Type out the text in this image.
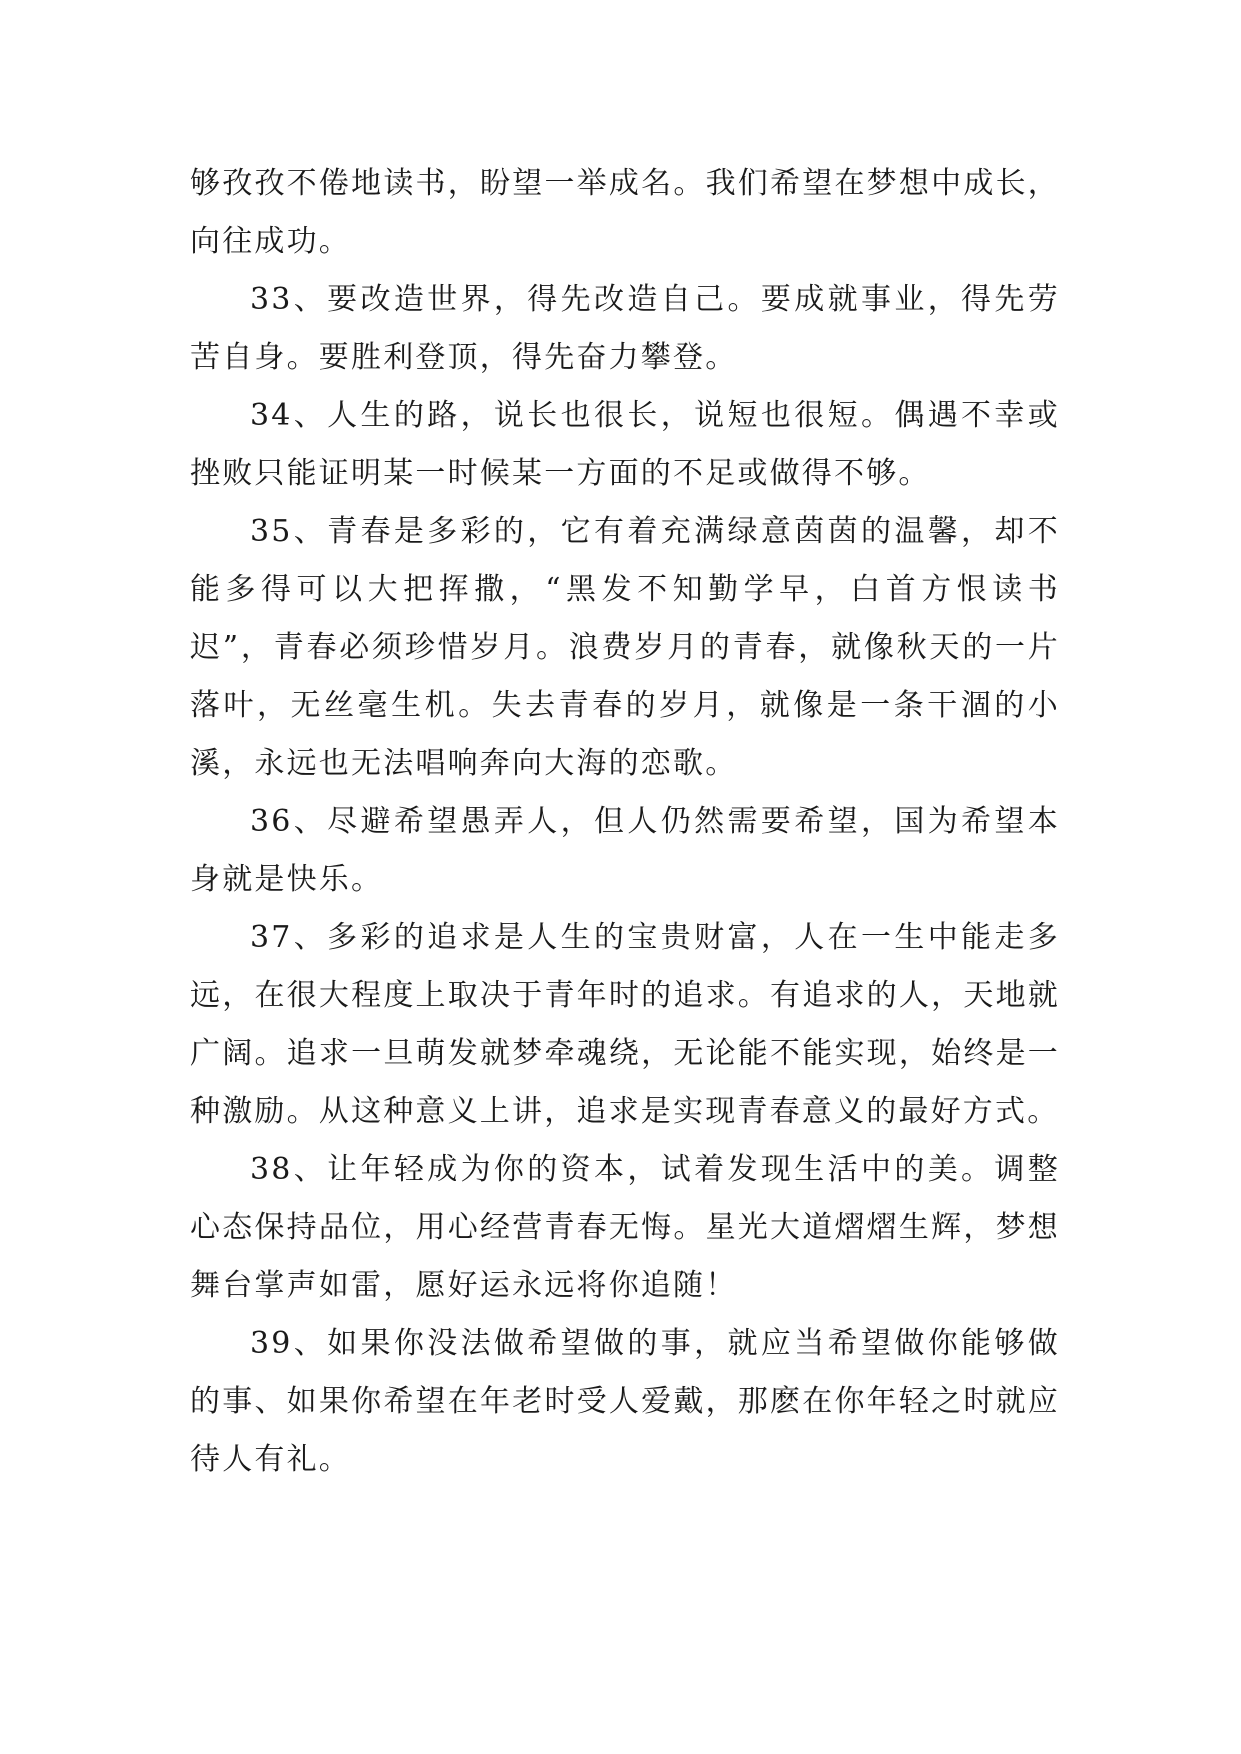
够孜孜不倦地读书，盼望一举成名。我们希望在梦想中成长，向往成功。

33、要改造世界，得先改造自己。要成就事业，得先劳苦自身。要胜利登顶，得先奋力攀登。

34、人生的路，说长也很长，说短也很短。偶遇不幸或挫败只能证明某一时候某一方面的不足或做得不够。

35、青春是多彩的，它有着充满绿意茵茵的温馨，却不能多得可以大把挥撒，“黑发不知勤学早，白首方恨读书迟”，青春必须珍惜岁月。浪费岁月的青春，就像秋天的一片落叶，无丝毫生机。失去青春的岁月，就像是一条干涸的小溪，永远也无法唱响奔向大海的恋歌。

36、尽避希望愚弄人，但人仍然需要希望，国为希望本身就是快乐。

37、多彩的追求是人生的宝贵财富，人在一生中能走多远，在很大程度上取决于青年时的追求。有追求的人，天地就广阔。追求一旦萌发就梦牵魂绕，无论能不能实现，始终是一种激励。从这种意义上讲，追求是实现青春意义的最好方式。

38、让年轻成为你的资本，试着发现生活中的美。调整心态保持品位，用心经营青春无悔。星光大道熠熠生辉，梦想舞台掌声如雷，愿好运永远将你追随！

39、如果你没法做希望做的事，就应当希望做你能够做的事、如果你希望在年老时受人爱戴，那麽在你年轻之时就应待人有礼。
